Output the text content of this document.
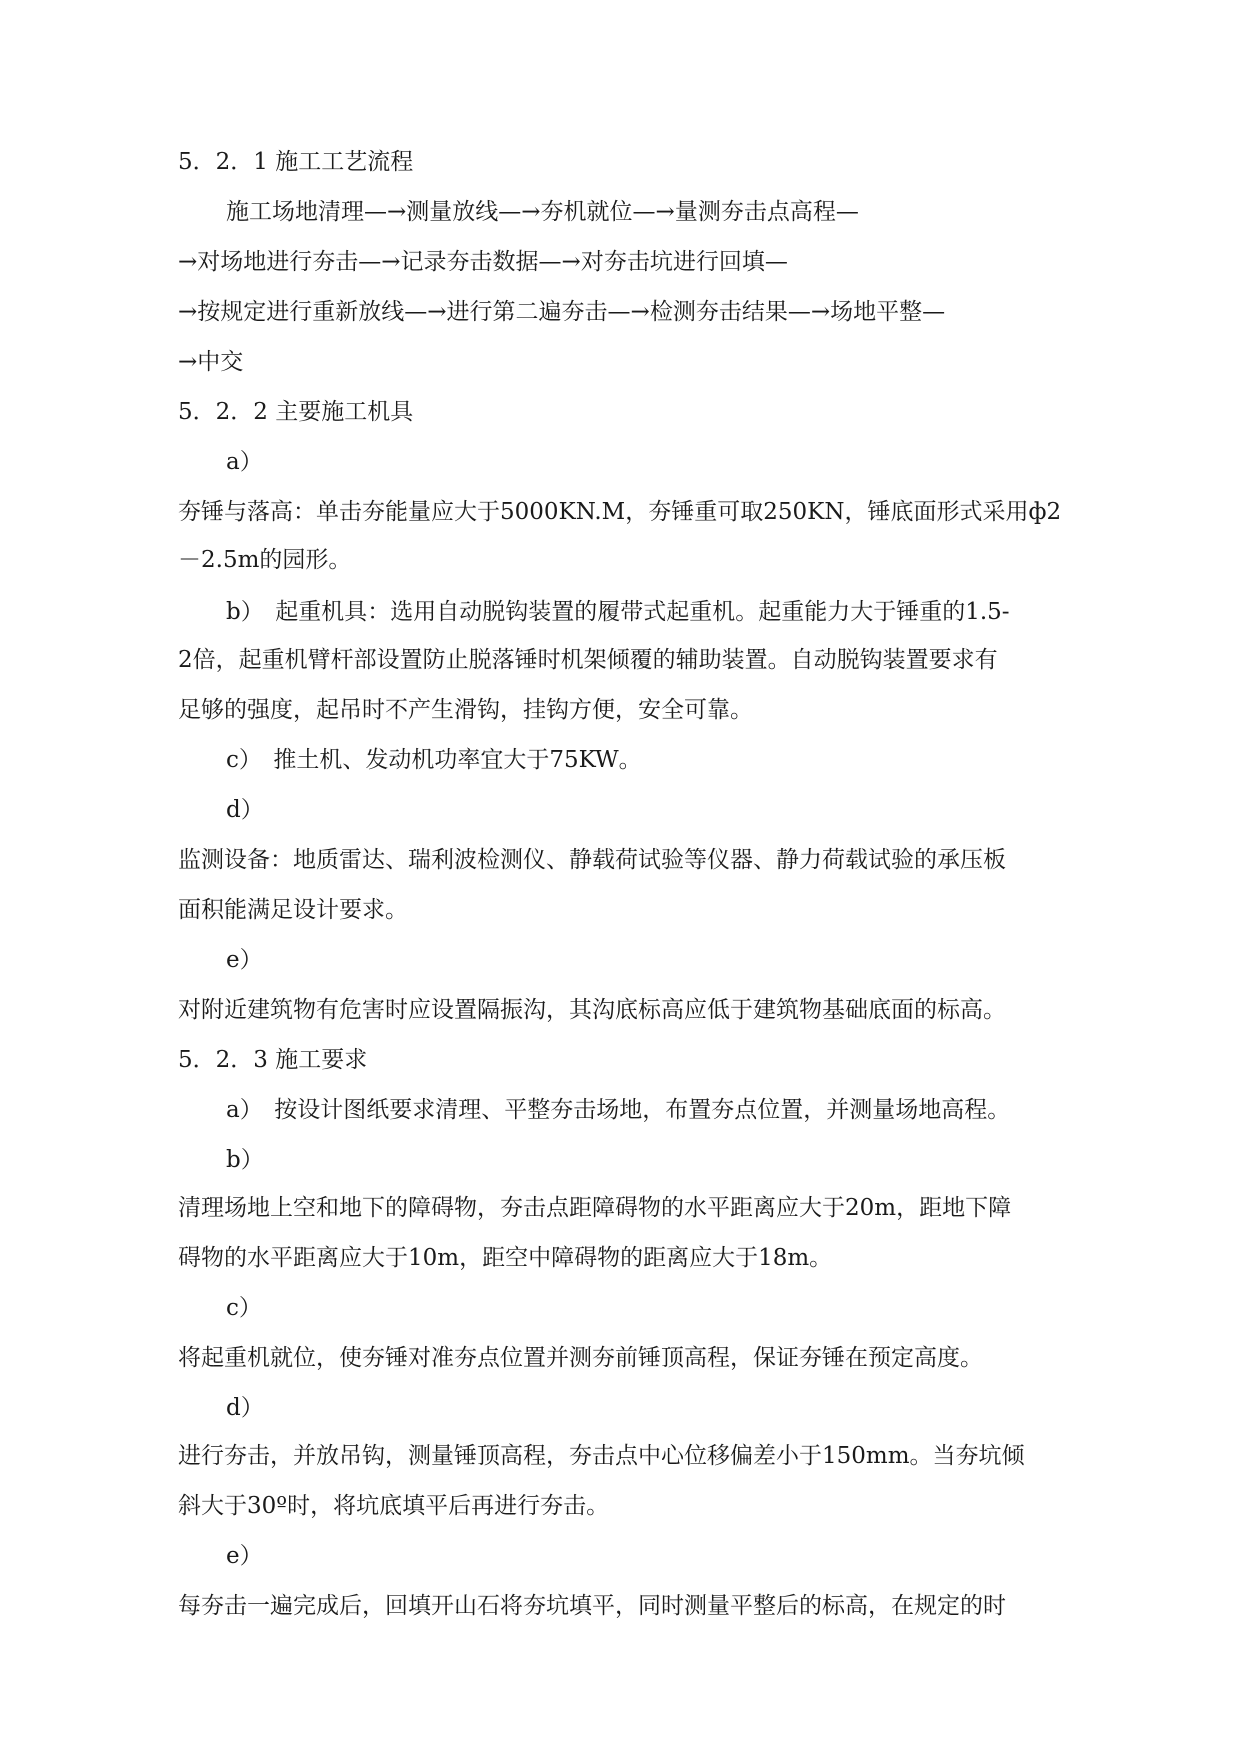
5．2．1 施工工艺流程
施工场地清理—→测量放线—→夯机就位—→量测夯击点高程—
→对场地进行夯击—→记录夯击数据—→对夯击坑进行回填—
→按规定进行重新放线—→进行第二遍夯击—→检测夯击结果—→场地平整—
→中交
5．2．2 主要施工机具
a）
夯锤与落高：单击夯能量应大于5000KN.M，夯锤重可取250KN，锤底面形式采用ф2
－2.5m的园形。
b）　起重机具：选用自动脱钩装置的履带式起重机。起重能力大于锤重的1.5-
2倍，起重机臂杆部设置防止脱落锤时机架倾覆的辅助装置。自动脱钩装置要求有
足够的强度，起吊时不产生滑钩，挂钩方便，安全可靠。
c）　推土机、发动机功率宜大于75KW。
d）
监测设备：地质雷达、瑞利波检测仪、静载荷试验等仪器、静力荷载试验的承压板
面积能满足设计要求。
e）
对附近建筑物有危害时应设置隔振沟，其沟底标高应低于建筑物基础底面的标高。
5．2．3 施工要求
a）　按设计图纸要求清理、平整夯击场地，布置夯点位置，并测量场地高程。
b）
清理场地上空和地下的障碍物，夯击点距障碍物的水平距离应大于20m，距地下障
碍物的水平距离应大于10m，距空中障碍物的距离应大于18m。
c）
将起重机就位，使夯锤对准夯点位置并测夯前锤顶高程，保证夯锤在预定高度。
d）
进行夯击，并放吊钩，测量锤顶高程，夯击点中心位移偏差小于150mm。当夯坑倾
斜大于30º时，将坑底填平后再进行夯击。
e）
每夯击一遍完成后，回填开山石将夯坑填平，同时测量平整后的标高，在规定的时
